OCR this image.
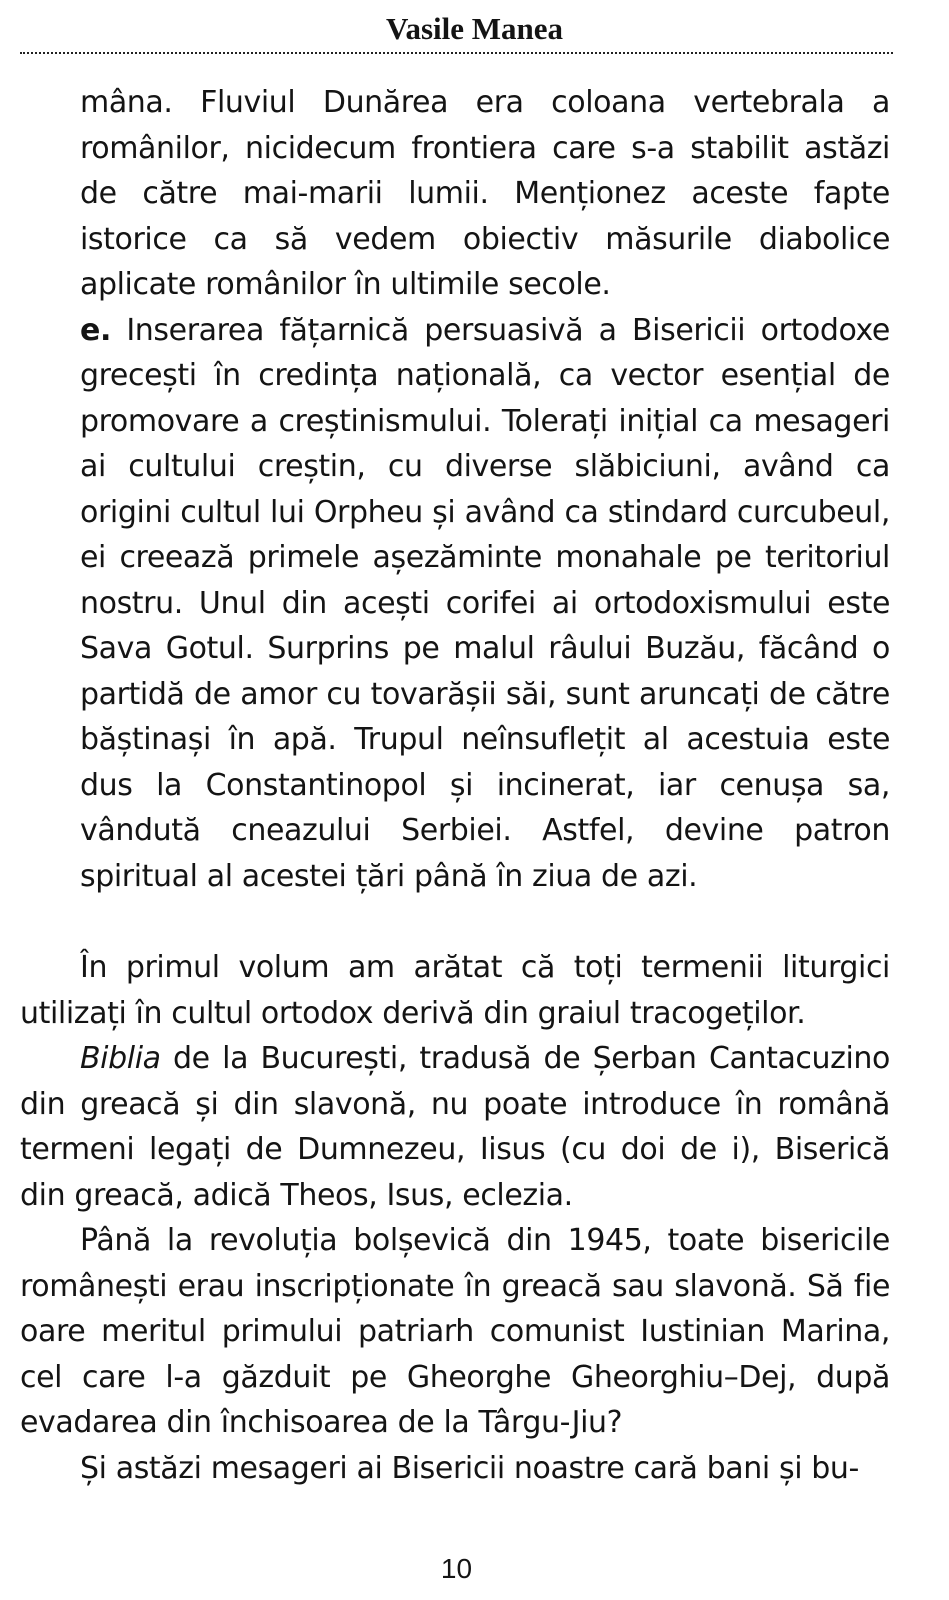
Vasile Manea

mâna. Fluviul Dunărea era coloana vertebrala a românilor, nicidecum frontiera care s-a stabilit astăzi de către mai-marii lumii. Menționez aceste fapte istorice ca să vedem obiectiv măsurile diabolice aplicate românilor în ultimile secole.

e. Inserarea fățarnică persuasivă a Bisericii ortodoxe grecești în credința națională, ca vector esențial de promovare a creștinismului. Tolerați inițial ca mesageri ai cultului creștin, cu diverse slăbiciuni, având ca origini cultul lui Orpheu și având ca stindard curcubeul, ei creează primele așezăminte monahale pe teritoriul nostru. Unul din acești corifei ai ortodoxismului este Sava Gotul. Surprins pe malul râului Buzău, făcând o partidă de amor cu tovarășii săi, sunt aruncați de către băștinași în apă. Trupul neînsuflețit al acestuia este dus la Constantinopol și incinerat, iar cenușa sa, vândută cneazului Serbiei. Astfel, devine patron spiritual al acestei țări până în ziua de azi.

În primul volum am arătat că toți termenii liturgici utilizați în cultul ortodox derivă din graiul tracogeților.

Biblia de la București, tradusă de Șerban Cantacuzino din greacă și din slavonă, nu poate introduce în română termeni legați de Dumnezeu, Iisus (cu doi de i), Biserică din greacă, adică Theos, Isus, eclezia.

Până la revoluția bolșevică din 1945, toate bisericile românești erau inscripționate în greacă sau slavonă. Să fie oare meritul primului patriarh comunist Iustinian Marina, cel care l-a găzduit pe Gheorghe Gheorghiu–Dej, după evadarea din închisoarea de la Târgu-Jiu?

Și astăzi mesageri ai Bisericii noastre cară bani și bu-

10
